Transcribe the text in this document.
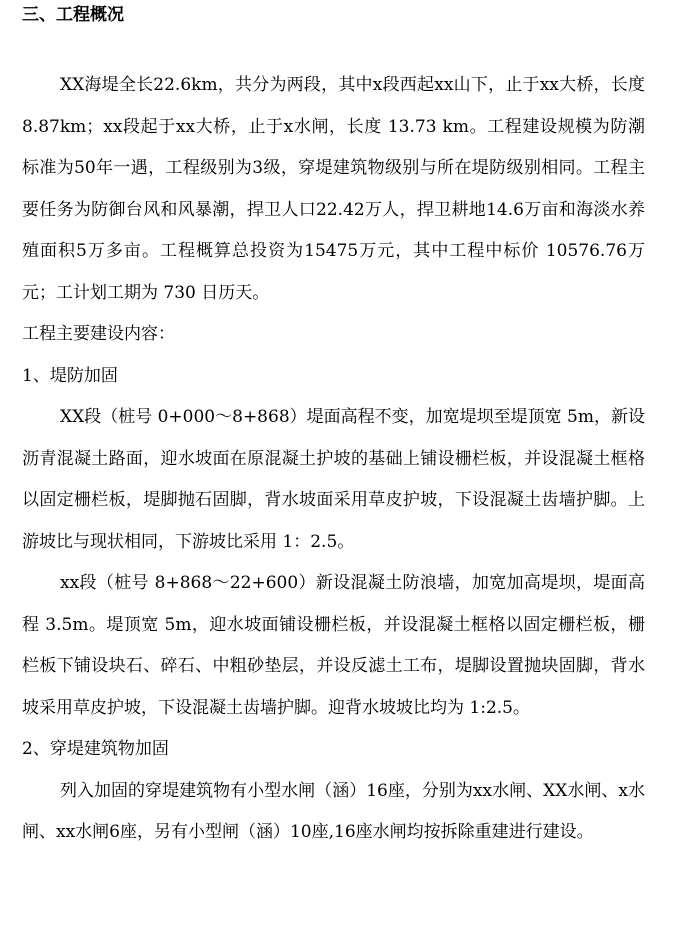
三、工程概况

XX海堤全长22.6km，共分为两段，其中x段西起xx山下，止于xx大桥，长度8.87km；xx段起于xx大桥，止于x水闸，长度 13.73 km。工程建设规模为防潮标准为50年一遇，工程级别为3级，穿堤建筑物级别与所在堤防级别相同。工程主要任务为防御台风和风暴潮，捍卫人口22.42万人，捍卫耕地14.6万亩和海淡水养殖面积5万多亩。工程概算总投资为15475万元，其中工程中标价 10576.76万元；工计划工期为 730 日历天。

工程主要建设内容：

1、堤防加固

XX段（桩号 0+000～8+868）堤面高程不变，加宽堤坝至堤顶宽 5m，新设沥青混凝土路面，迎水坡面在原混凝土护坡的基础上铺设栅栏板，并设混凝土框格以固定栅栏板，堤脚抛石固脚，背水坡面采用草皮护坡，下设混凝土齿墙护脚。上游坡比与现状相同，下游坡比采用 1：2.5。

xx段（桩号 8+868～22+600）新设混凝土防浪墙，加宽加高堤坝，堤面高程 3.5m。堤顶宽 5m，迎水坡面铺设栅栏板，并设混凝土框格以固定栅栏板，栅栏板下铺设块石、碎石、中粗砂垫层，并设反滤土工布，堤脚设置抛块固脚，背水坡采用草皮护坡，下设混凝土齿墙护脚。迎背水坡坡比均为 1:2.5。

2、穿堤建筑物加固

列入加固的穿堤建筑物有小型水闸（涵）16座，分别为xx水闸、XX水闸、x水闸、xx水闸6座，另有小型闸（涵）10座,16座水闸均按拆除重建进行建设。
